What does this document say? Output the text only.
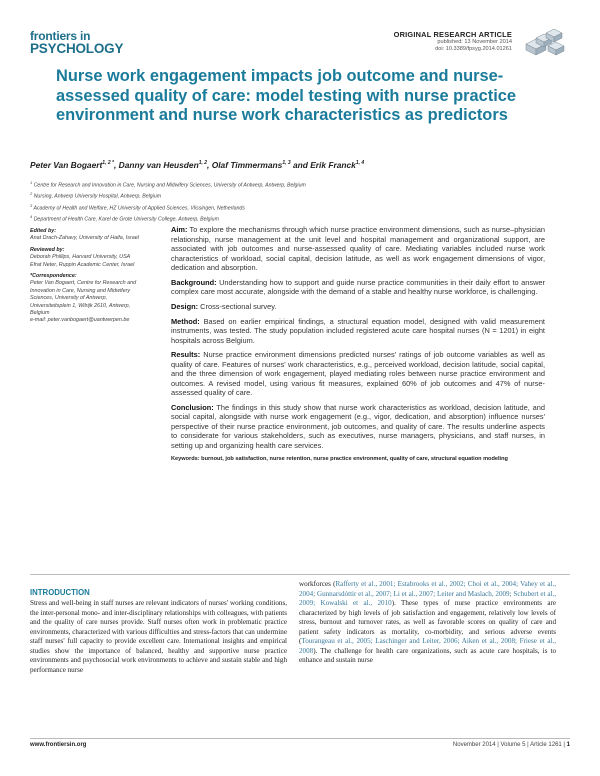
frontiers in
PSYCHOLOGY
ORIGINAL RESEARCH ARTICLE
published: 13 November 2014
doi: 10.3389/fpsyg.2014.01261
Nurse work engagement impacts job outcome and nurse-assessed quality of care: model testing with nurse practice environment and nurse work characteristics as predictors
Peter Van Bogaert$^{1, 2 *}$, Danny van Heusden$^{1, 2}$, Olaf Timmermans$^{1, 3}$ and Erik Franck$^{1, 4}$
$^1$ Centre for Research and Innovation in Care, Nursing and Midwifery Sciences, University of Antwerp, Antwerp, Belgium
$^2$ Nursing, Antwerp University Hospital, Antwerp, Belgium
$^3$ Academy of Health and Welfare, HZ University of Applied Sciences, Vlissingen, Netherlands
$^4$ Department of Health Care, Karel de Grote University College, Antwerp, Belgium
Edited by:
Anat Drach-Zahavy, University of Haifa, Israel
Reviewed by:
Deborah Phillips, Harvard University, USA
Efrat Neter, Ruppin Academic Center, Israel
*Correspondence:
Peter Van Bogaert, Centre for Research and Innovation in Care, Nursing and Midwifery Sciences, University of Antwerp, Universiteitsplein 1, Wilrijk 2610, Antwerp, Belgium
e-mail: peter.vanbogaert@uantwerpen.be
Aim: To explore the mechanisms through which nurse practice environment dimensions, such as nurse–physician relationship, nurse management at the unit level and hospital management and organizational support, are associated with job outcomes and nurse-assessed quality of care. Mediating variables included nurse work characteristics of workload, social capital, decision latitude, as well as work engagement dimensions of vigor, dedication and absorption.
Background: Understanding how to support and guide nurse practice communities in their daily effort to answer complex care most accurate, alongside with the demand of a stable and healthy nurse workforce, is challenging.
Design: Cross-sectional survey.
Method: Based on earlier empirical findings, a structural equation model, designed with valid measurement instruments, was tested. The study population included registered acute care hospital nurses (N = 1201) in eight hospitals across Belgium.
Results: Nurse practice environment dimensions predicted nurses' ratings of job outcome variables as well as quality of care. Features of nurses' work characteristics, e.g., perceived workload, decision latitude, social capital, and the three dimension of work engagement, played mediating roles between nurse practice environment and outcomes. A revised model, using various fit measures, explained 60% of job outcomes and 47% of nurse-assessed quality of care.
Conclusion: The findings in this study show that nurse work characteristics as workload, decision latitude, and social capital, alongside with nurse work engagement (e.g., vigor, dedication, and absorption) influence nurses' perspective of their nurse practice environment, job outcomes, and quality of care. The results underline aspects to considerate for various stakeholders, such as executives, nurse managers, physicians, and staff nurses, in setting up and organizing health care services.
Keywords: burnout, job satisfaction, nurse retention, nurse practice environment, quality of care, structural equation modeling
INTRODUCTION
Stress and well-being in staff nurses are relevant indicators of nurses' working conditions, the inter-personal mono- and inter-disciplinary relationships with colleagues, with patients and the quality of care nurses provide. Staff nurses often work in problematic practice environments, characterized with various difficulties and stress-factors that can undermine staff nurses' full capacity to provide excellent care. International insights and empirical studies show the importance of balanced, healthy and supportive nurse practice environments and psychosocial work environments to achieve and sustain stable and high performance nurse
workforces (Rafferty et al., 2001; Estabrooks et al., 2002; Choi et al., 2004; Vahey et al., 2004; Gunnarsdóttir et al., 2007; Li et al., 2007; Leiter and Maslach, 2009; Schubert et al., 2009; Kowalski et al., 2010). These types of nurse practice environments are characterized by high levels of job satisfaction and engagement, relatively low levels of stress, burnout and turnover rates, as well as favorable scores on quality of care and patient safety indicators as mortality, co-morbidity, and serious adverse events (Tourangeau et al., 2005; Laschinger and Leiter, 2006; Aiken et al., 2008; Friese et al., 2008). The challenge for health care organizations, such as acute care hospitals, is to enhance and sustain nurse
www.frontiersin.org	November 2014 | Volume 5 | Article 1261 | 1
